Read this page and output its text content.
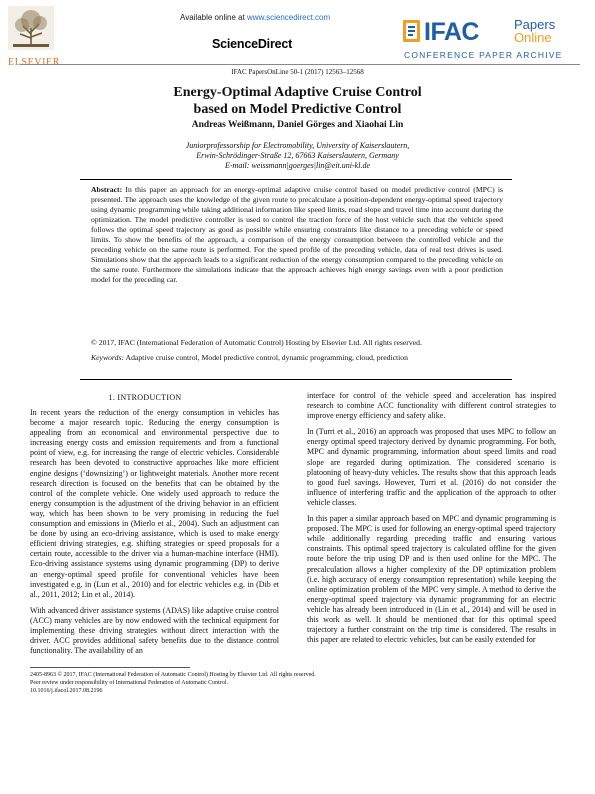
ELSEVIER
Available online at www.sciencedirect.com
ScienceDirect	IFAC	Papers
Online
CONFERENCE PAPER ARCHIVE
IFAC PapersOnLine 50-1 (2017) 12563–12568
Energy-Optimal Adaptive Cruise Control
based on Model Predictive Control
Andreas Weißmann, Daniel Görges and Xiaohai Lin
Juniorprofessorship for Electromobility, University of Kaiserslautern,
Erwin-Schrödinger-Straße 12, 67663 Kaiserslautern, Germany
E-mail: weissmann|goerges|lin@eit.uni-kl.de
Abstract: In this paper an approach for an energy-optimal adaptive cruise control based on model predictive control (MPC) is presented. The approach uses the knowledge of the given route to precalculate a position-dependent energy-optimal speed trajectory using dynamic programming while taking additional information like speed limits, road slope and travel time into account during the optimization. The model predictive controller is used to control the traction force of the host vehicle such that the vehicle speed follows the optimal speed trajectory as good as possible while ensuring constraints like distance to a preceding vehicle or speed limits. To show the benefits of the approach, a comparison of the energy consumption between the controlled vehicle and the preceding vehicle on the same route is performed. For the speed profile of the preceding vehicle, data of real test drives is used. Simulations show that the approach leads to a significant reduction of the energy consumption compared to the preceding vehicle on the same route. Furthermore the simulations indicate that the approach achieves high energy savings even with a poor prediction model for the preceding car.
© 2017, IFAC (International Federation of Automatic Control) Hosting by Elsevier Ltd. All rights reserved.
Keywords: Adaptive cruise control, Model predictive control, dynamic programming, cloud, prediction
1. INTRODUCTION

In recent years the reduction of the energy consumption in vehicles has become a major research topic. Reducing the energy consumption is appealing from an economical and environmental perspective due to increasing energy costs and emission requirements and from a functional point of view, e.g. for increasing the range of electric vehicles. Considerable research has been devoted to constructive approaches like more efficient engine designs (‘downsizing’) or lightweight materials. Another more recent research direction is focused on the benefits that can be obtained by the control of the complete vehicle. One widely used approach to reduce the energy consumption is the adjustment of the driving behavior in an efficient way, which has been shown to be very promising in reducing the fuel consumption and emissions in (Mierlo et al., 2004). Such an adjustment can be done by using an eco-driving assistance, which is used to make energy efficient driving strategies, e.g. shifting strategies or speed proposals for a certain route, accessible to the driver via a human-machine interface (HMI). Eco-driving assistance systems using dynamic programming (DP) to derive an energy-optimal speed profile for conventional vehicles have been investigated e.g. in (Lun et al., 2010) and for electric vehicles e.g. in (Dib et al., 2011, 2012; Lin et al., 2014).

With advanced driver assistance systems (ADAS) like adaptive cruise control (ACC) many vehicles are by now endowed with the technical equipment for implementing these driving strategies without direct interaction with the driver. ACC provides additional safety benefits due to the distance control functionality. The availability of an

interface for control of the vehicle speed and acceleration has inspired research to combine ACC functionality with different control strategies to improve energy efficiency and safety alike.

In (Turri et al., 2016) an approach was proposed that uses MPC to follow an energy optimal speed trajectory derived by dynamic programming. For both, MPC and dynamic programming, information about speed limits and road slope are regarded during optimization. The considered scenario is platooning of heavy-duty vehicles. The results show that this approach leads to good fuel savings. However, Turri et al. (2016) do not consider the influence of interfering traffic and the application of the approach to other vehicle classes.

In this paper a similar approach based on MPC and dynamic programming is proposed. The MPC is used for following an energy-optimal speed trajectory while additionally regarding preceding traffic and ensuring various constraints. This optimal speed trajectory is calculated offline for the given route before the trip using DP and is then used online for the MPC. The precalculation allows a higher complexity of the DP optimization problem (i.e. high accuracy of energy consumption representation) while keeping the online optimization problem of the MPC very simple. A method to derive the energy-optimal speed trajectory via dynamic programming for an electric vehicle has already been introduced in (Lin et al., 2014) and will be used in this work as well. It should be mentioned that for this optimal speed trajectory a further constraint on the trip time is considered. The results in this paper are related to electric vehicles, but can be easily extended for

2405-8963 © 2017, IFAC (International Federation of Automatic Control) Hosting by Elsevier Ltd. All rights reserved.
Peer review under responsibility of International Federation of Automatic Control.
10.1016/j.ifacol.2017.08.2196
